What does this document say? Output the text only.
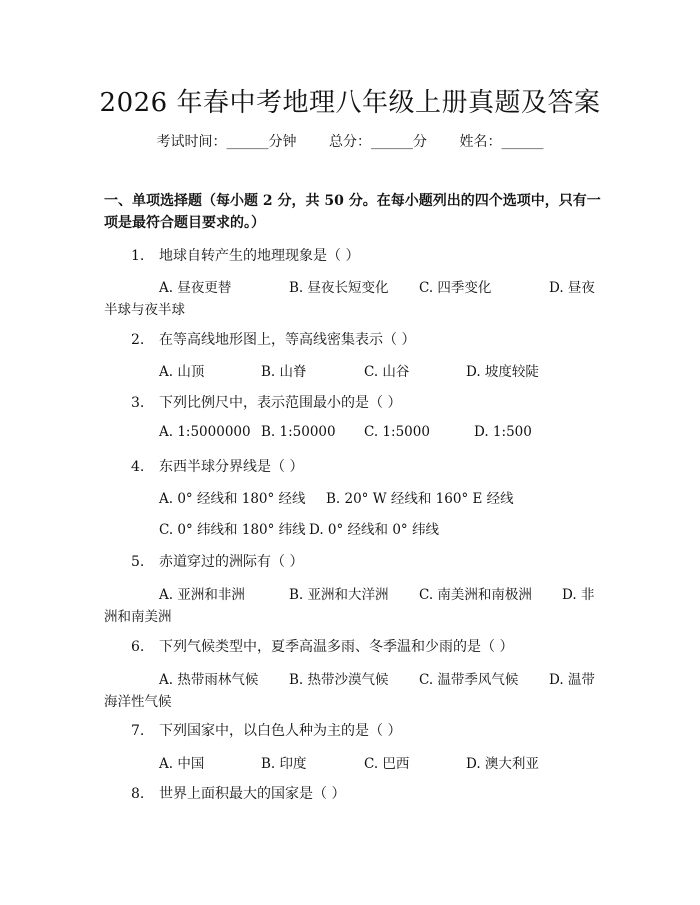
2026 年春中考地理八年级上册真题及答案
考试时间：______分钟 总分：______分 姓名：______
一、单项选择题（每小题 2 分，共 50 分。在每小题列出的四个选项中，只有一项是最符合题目要求的。）
1. 地球自转产生的地理现象是（ ）
A. 昼夜更替	B. 昼夜长短变化 C. 四季变化	D. 昼夜
半球与夜半球
2. 在等高线地形图上，等高线密集表示（ ）
A. 山顶	B. 山脊	C. 山谷	D. 坡度较陡
3. 下列比例尺中，表示范围最小的是（ ）
A. 1:5000000 B. 1:50000 C. 1:5000	D. 1:500
4. 东西半球分界线是（ ）
A. 0° 经线和 180° 经线 B. 20° W 经线和 160° E 经线
C. 0° 纬线和 180° 纬线 D. 0° 经线和 0° 纬线
5. 赤道穿过的洲际有（ ）
A. 亚洲和非洲	B. 亚洲和大洋洲 C. 南美洲和南极洲 D. 非
洲和南美洲
6. 下列气候类型中，夏季高温多雨、冬季温和少雨的是（ ）
A. 热带雨林气候 B. 热带沙漠气候 C. 温带季风气候 D. 温带
海洋性气候
7. 下列国家中，以白色人种为主的是（ ）
A. 中国	B. 印度	C. 巴西	D. 澳大利亚
8. 世界上面积最大的国家是（ ）
